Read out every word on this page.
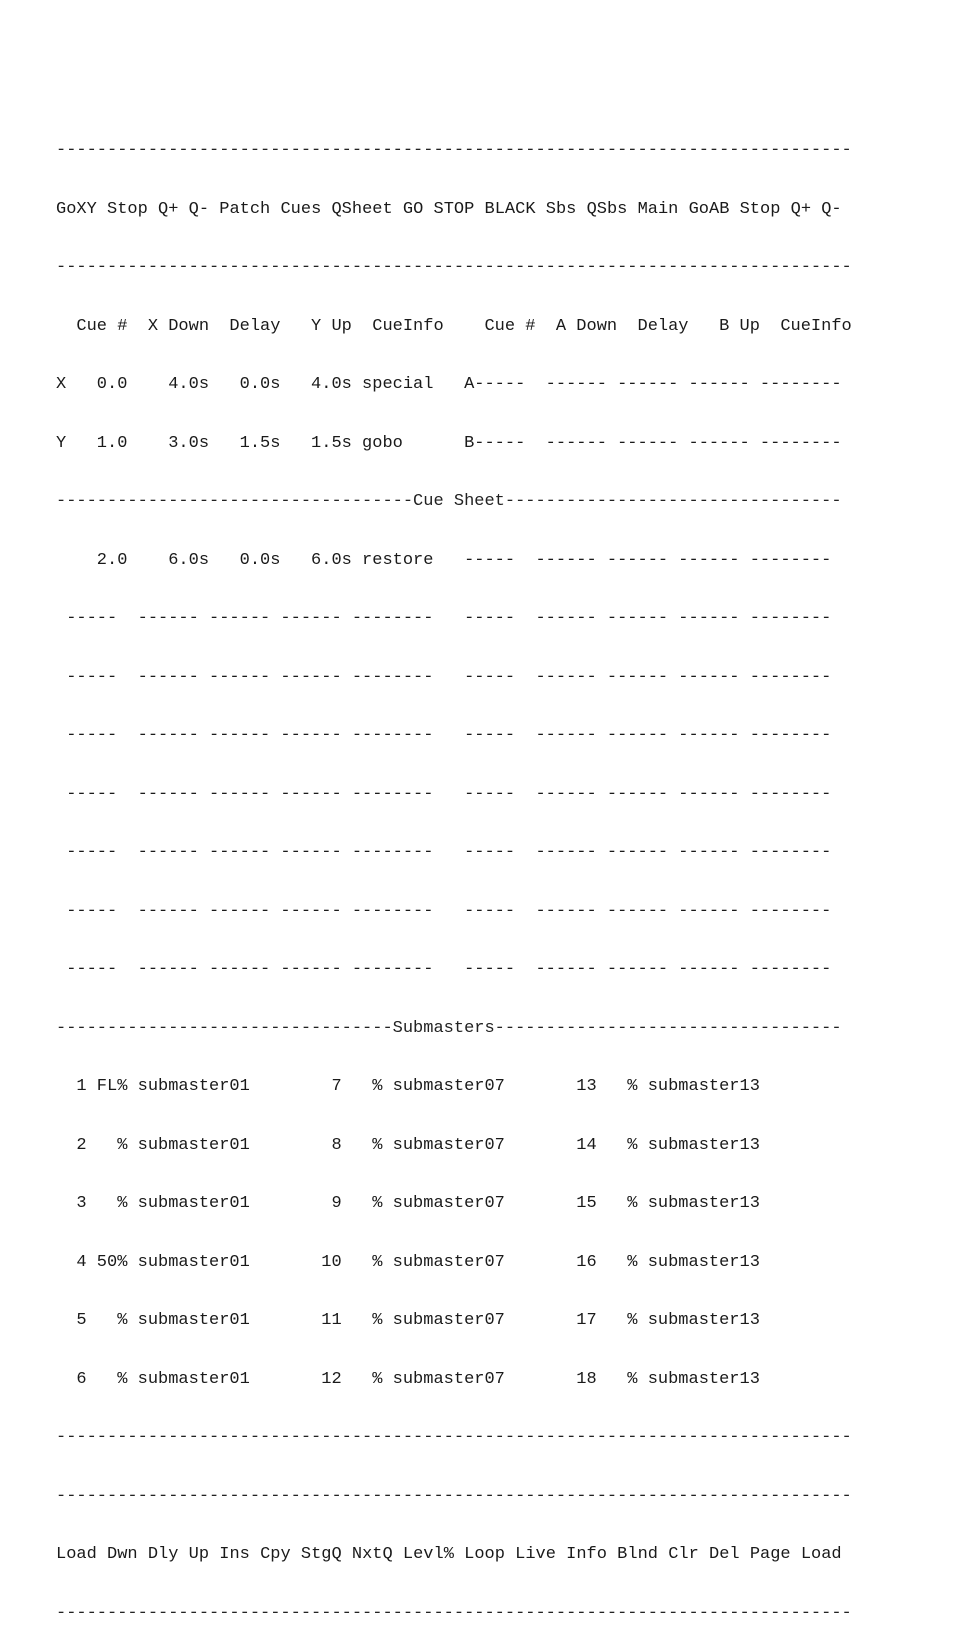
------------------------------------------------------------------------------

GoXY Stop Q+ Q- Patch Cues QSheet GO STOP BLACK Sbs QSbs Main GoAB Stop Q+ Q-

------------------------------------------------------------------------------

Cue #  X Down  Delay   Y Up  CueInfo    Cue #  A Down  Delay   B Up  CueInfo

X   0.0    4.0s   0.0s   4.0s special   A-----  ------ ------ ------ --------

Y   1.0    3.0s   1.5s   1.5s gobo      B-----  ------ ------ ------ --------

-----------------------------------Cue Sheet---------------------------------

2.0    6.0s   0.0s   6.0s restore   -----  ------ ------ ------ --------

-----  ------ ------ ------ --------   -----  ------ ------ ------ --------

-----  ------ ------ ------ --------   -----  ------ ------ ------ --------

-----  ------ ------ ------ --------   -----  ------ ------ ------ --------

-----  ------ ------ ------ --------   -----  ------ ------ ------ --------

-----  ------ ------ ------ --------   -----  ------ ------ ------ --------

-----  ------ ------ ------ --------   -----  ------ ------ ------ --------

-----  ------ ------ ------ --------   -----  ------ ------ ------ --------

---------------------------------Submasters----------------------------------

1 FL% submaster01        7   % submaster07       13   % submaster13

2   % submaster01        8   % submaster07       14   % submaster13

3   % submaster01        9   % submaster07       15   % submaster13

4 50% submaster01       10   % submaster07       16   % submaster13

5   % submaster01       11   % submaster07       17   % submaster13

6   % submaster01       12   % submaster07       18   % submaster13

------------------------------------------------------------------------------

------------------------------------------------------------------------------

Load Dwn Dly Up Ins Cpy StgQ NxtQ Levl% Loop Live Info Blnd Clr Del Page Load

------------------------------------------------------------------------------
